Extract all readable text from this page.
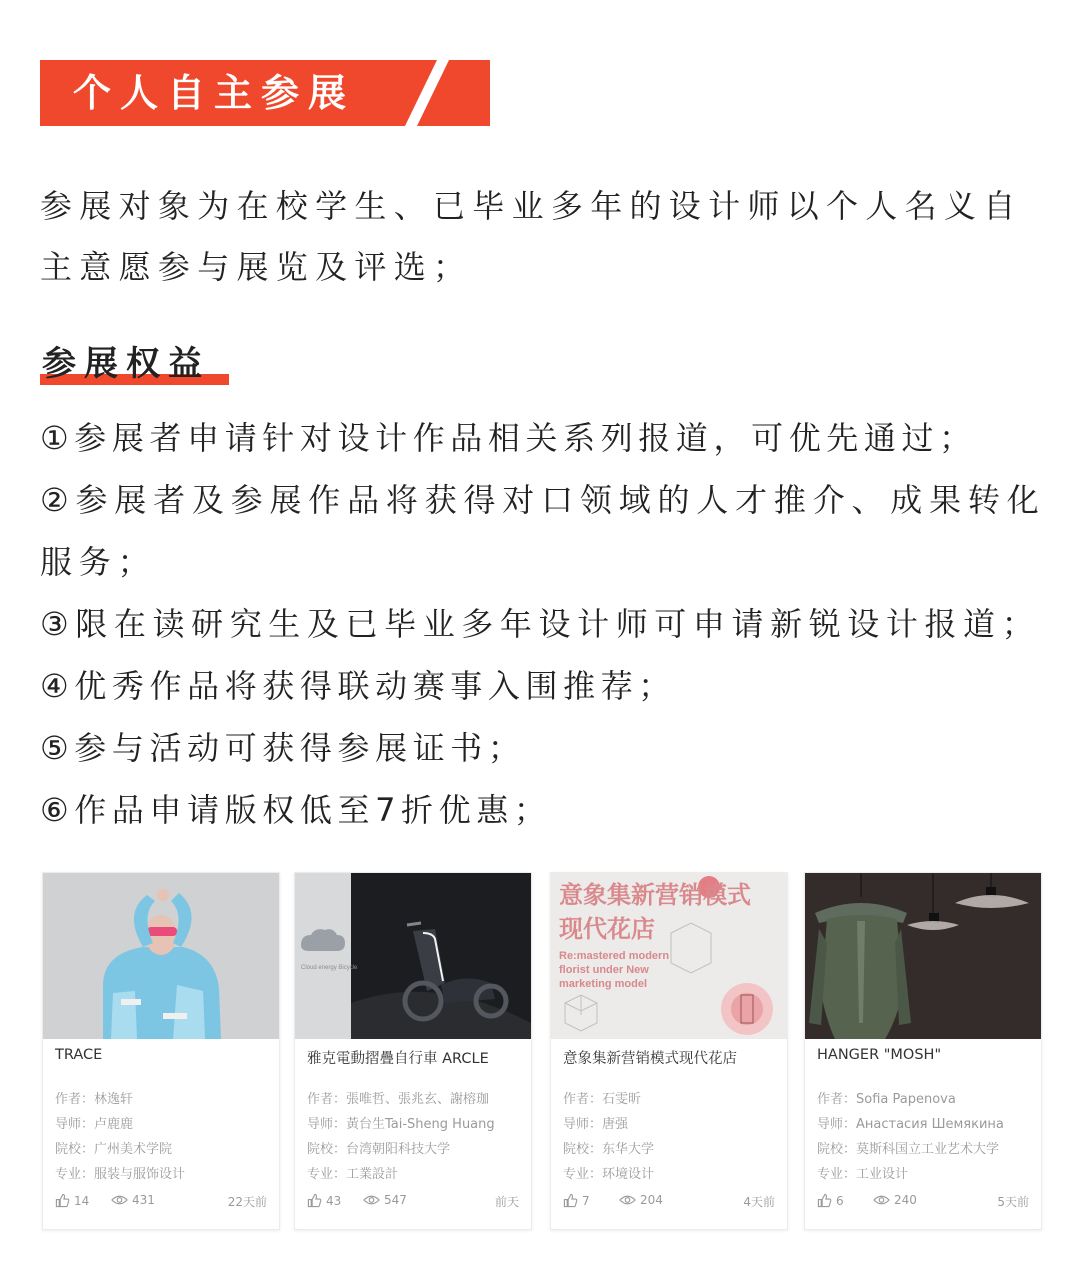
个人自主参展
参展对象为在校学生、已毕业多年的设计师以个人名义自主意愿参与展览及评选；
参展权益
①参展者申请针对设计作品相关系列报道，可优先通过；
②参展者及参展作品将获得对口领域的人才推介、成果转化服务；
③限在读研究生及已毕业多年设计师可申请新锐设计报道；
④优秀作品将获得联动赛事入围推荐；
⑤参与活动可获得参展证书；
⑥作品申请版权低至7折优惠；
TRACE
作者：林逸轩
导师：卢鹿鹿
院校：广州美术学院
专业：服装与服饰设计
14	431	22天前
Cloud energy Bicycle
雅克電動摺疊自行車 ARCLE
作者：張唯哲、張兆玄、謝榕珈
导师：黃台生Tai-Sheng Huang
院校：台湾朝阳科技大学
专业：工業設計
43	547	前天
意象集新营销模式
现代花店
Re:mastered modern
florist under New
marketing model
意象集新营销模式现代花店
作者：石雯昕
导师：唐强
院校：东华大学
专业：环境设计
7	204	4天前
HANGER "MOSH"
作者：Sofia Papenova
导师：Анастасия Шемякина
院校：莫斯科国立工业艺术大学
专业：工业设计
6	240	5天前
